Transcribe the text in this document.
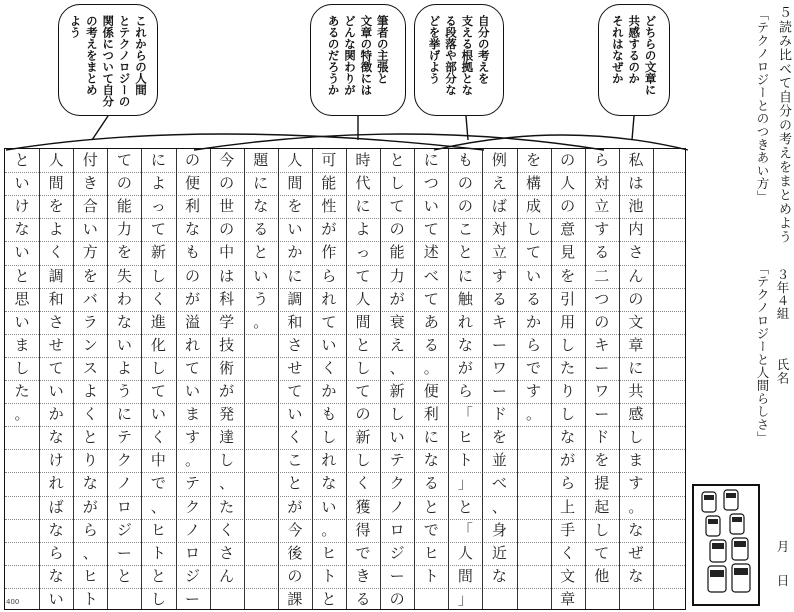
５読み比べて自分の考えをまとめよう
「テクノロジーとのつきあい方」
「テクノロジーと人間らしさ」 ３年４組
氏名
月
日
どちらの文章に
共感するのか
それはなぜか
自分の考えを
支える根拠とな
る段落や部分な
どを挙げよう
筆者の主張と
文章の特徴には
どんな関わりが
あるのだろうか
これからの人間
とテクノロジーの
関係について自分
の考えをまとめ
よう
私
は
池
内
さ
ん
の
文
章
に
共
感
し
ま
す
。
な
ぜ
な
ら
対
立
す
る
二
つ
の
キ
ー
ワ
ー
ド
を
提
起
し
て
他
の
人
の
意
見
を
引
用
し
た
り
し
な
が
ら
上
手
く
文
章
を
構
成
し
て
い
る
か
ら
で
す
。
例
え
ば
対
立
す
る
キ
ー
ワ
ー
ド
を
並
べ
、
身
近
な
も
の
の
こ
と
に
触
れ
な
が
ら
「
ヒ
ト
」
と
「
人
間
」
に
つ
い
て
述
べ
て
あ
る
。
便
利
に
な
る
と
で
ヒ
ト
と
し
て
の
能
力
が
衰
え
、
新
し
い
テ
ク
ノ
ロ
ジ
ー
の
時
代
に
よ
っ
て
人
間
と
し
て
の
新
し
く
獲
得
で
き
る
可
能
性
が
作
ら
れ
て
い
く
か
も
し
れ
な
い
。
ヒ
ト
と
人
間
を
い
か
に
調
和
さ
せ
て
い
く
こ
と
が
今
後
の
課
題
に
な
る
と
い
う
。
今
の
世
の
中
は
科
学
技
術
が
発
達
し
、
た
く
さ
ん
の
便
利
な
も
の
が
溢
れ
て
い
ま
す
。
テ
ク
ノ
ロ
ジ
ー
に
よ
っ
て
新
し
く
進
化
し
て
い
く
中
で
、
ヒ
ト
と
し
て
の
能
力
を
失
わ
な
い
よ
う
に
テ
ク
ノ
ロ
ジ
ー
と
付
き
合
い
方
を
バ
ラ
ン
ス
よ
く
と
り
な
が
ら
、
ヒ
ト
人
間
を
よ
く
調
和
さ
せ
て
い
か
な
け
れ
ば
な
ら
な
い
と
い
け
な
い
と
思
い
ま
し
た
。
400
